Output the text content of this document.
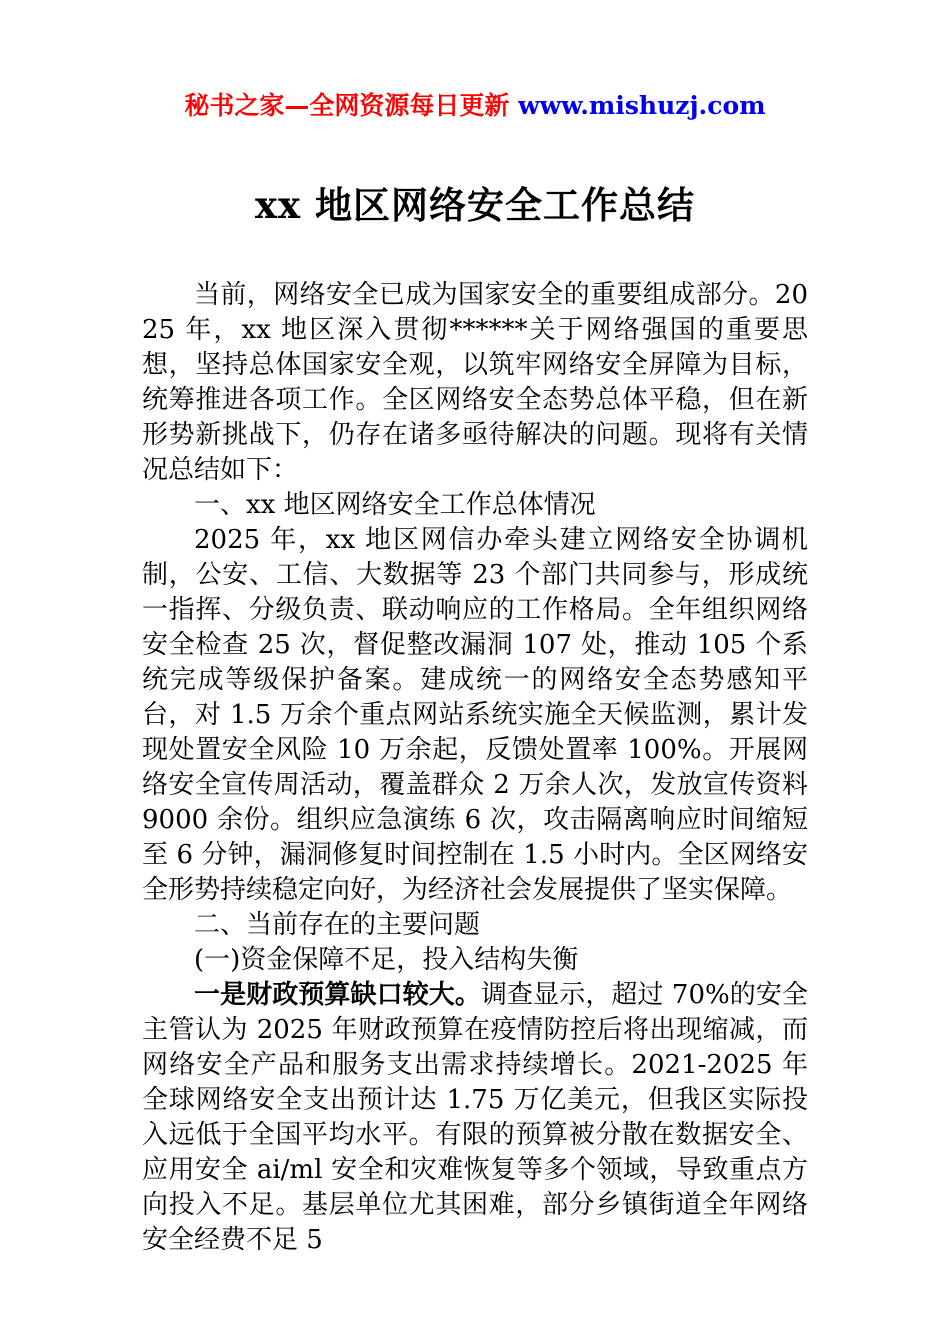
秘书之家—全网资源每日更新 www.mishuzj.com
xx 地区网络安全工作总结

当前，网络安全已成为国家安全的重要组成部分。2025 年，xx 地区深入贯彻******关于网络强国的重要思想，坚持总体国家安全观，以筑牢网络安全屏障为目标，统筹推进各项工作。全区网络安全态势总体平稳，但在新形势新挑战下，仍存在诸多亟待解决的问题。现将有关情况总结如下：

一、xx 地区网络安全工作总体情况

2025 年，xx 地区网信办牵头建立网络安全协调机制，公安、工信、大数据等 23 个部门共同参与，形成统一指挥、分级负责、联动响应的工作格局。全年组织网络安全检查 25 次，督促整改漏洞 107 处，推动 105 个系统完成等级保护备案。建成统一的网络安全态势感知平台，对 1.5 万余个重点网站系统实施全天候监测，累计发现处置安全风险 10 万余起，反馈处置率 100%。开展网络安全宣传周活动，覆盖群众 2 万余人次，发放宣传资料 9000 余份。组织应急演练 6 次，攻击隔离响应时间缩短至 6 分钟，漏洞修复时间控制在 1.5 小时内。全区网络安全形势持续稳定向好，为经济社会发展提供了坚实保障。

二、当前存在的主要问题

(一)资金保障不足，投入结构失衡

一是财政预算缺口较大。调查显示，超过 70%的安全主管认为 2025 年财政预算在疫情防控后将出现缩减，而网络安全产品和服务支出需求持续增长。2021-2025 年全球网络安全支出预计达 1.75 万亿美元，但我区实际投入远低于全国平均水平。有限的预算被分散在数据安全、应用安全 ai/ml 安全和灾难恢复等多个领域，导致重点方向投入不足。基层单位尤其困难，部分乡镇街道全年网络安全经费不足 5
